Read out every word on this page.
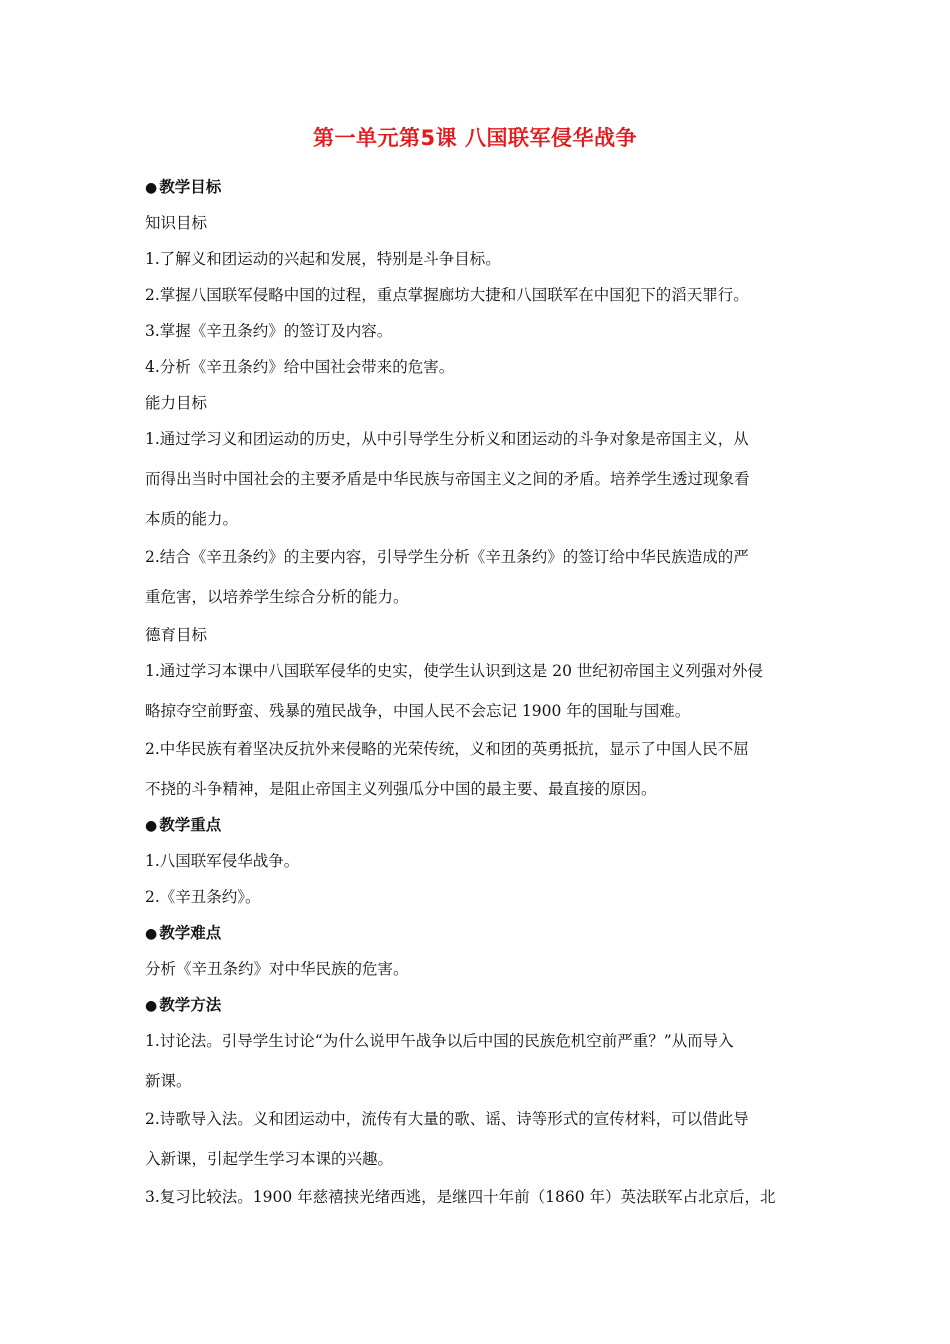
第一单元第5课 八国联军侵华战争
● 教学目标
知识目标
1.了解义和团运动的兴起和发展，特别是斗争目标。
2.掌握八国联军侵略中国的过程，重点掌握廊坊大捷和八国联军在中国犯下的滔天罪行。
3.掌握《辛丑条约》的签订及内容。
4.分析《辛丑条约》给中国社会带来的危害。
能力目标
1.通过学习义和团运动的历史，从中引导学生分析义和团运动的斗争对象是帝国主义，从
而得出当时中国社会的主要矛盾是中华民族与帝国主义之间的矛盾。培养学生透过现象看
本质的能力。
2.结合《辛丑条约》的主要内容，引导学生分析《辛丑条约》的签订给中华民族造成的严
重危害，以培养学生综合分析的能力。
德育目标
1.通过学习本课中八国联军侵华的史实，使学生认识到这是 20 世纪初帝国主义列强对外侵
略掠夺空前野蛮、残暴的殖民战争，中国人民不会忘记 1900 年的国耻与国难。
2.中华民族有着坚决反抗外来侵略的光荣传统，义和团的英勇抵抗，显示了中国人民不屈
不挠的斗争精神，是阻止帝国主义列强瓜分中国的最主要、最直接的原因。
● 教学重点
1.八国联军侵华战争。
2.《辛丑条约》。
● 教学难点
分析《辛丑条约》对中华民族的危害。
● 教学方法
1.讨论法。引导学生讨论“为什么说甲午战争以后中国的民族危机空前严重？”从而导入
新课。
2.诗歌导入法。义和团运动中，流传有大量的歌、谣、诗等形式的宣传材料，可以借此导
入新课，引起学生学习本课的兴趣。
3.复习比较法。1900 年慈禧挟光绪西逃，是继四十年前（1860 年）英法联军占北京后，北
